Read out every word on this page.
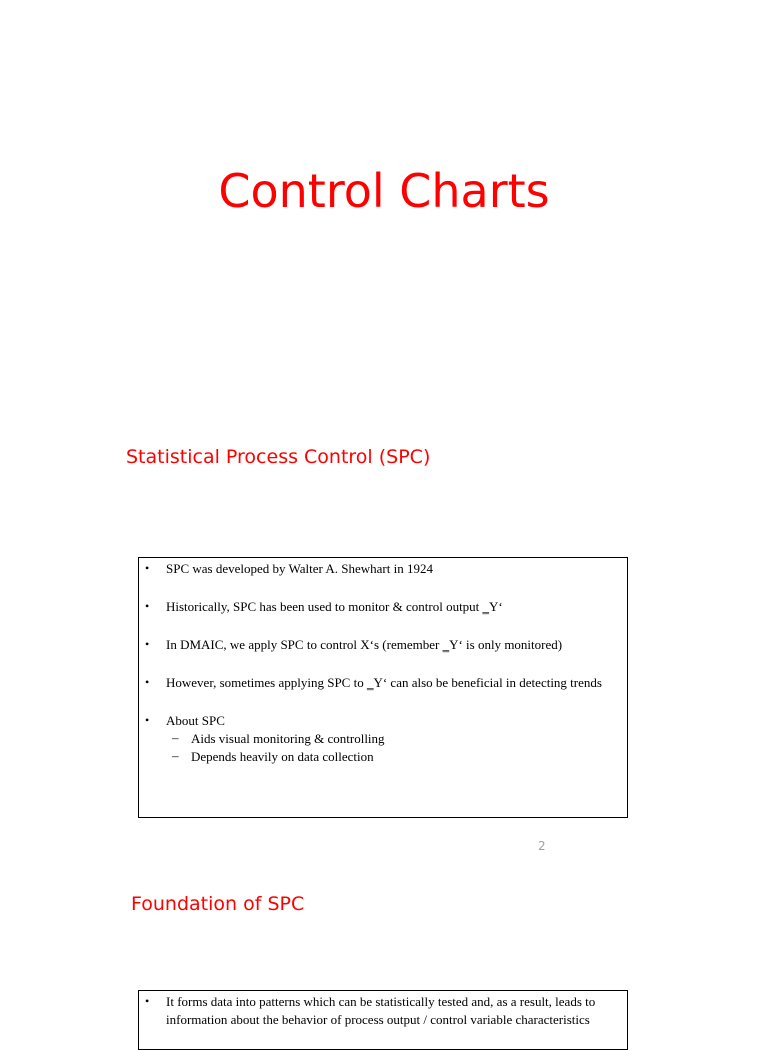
Control Charts
Statistical Process Control (SPC)
• SPC was developed by Walter A. Shewhart in 1924
• Historically, SPC has been used to monitor & control output ‗Y‘
• In DMAIC, we apply SPC to control X‘s (remember ‗Y‘ is only monitored)
• However, sometimes applying SPC to ‗Y‘ can also be beneficial in detecting trends
• About SPC
– Aids visual monitoring & controlling
– Depends heavily on data collection
2
Foundation of SPC
• It forms data into patterns which can be statistically tested and, as a result, leads to information about the behavior of process output / control variable characteristics
